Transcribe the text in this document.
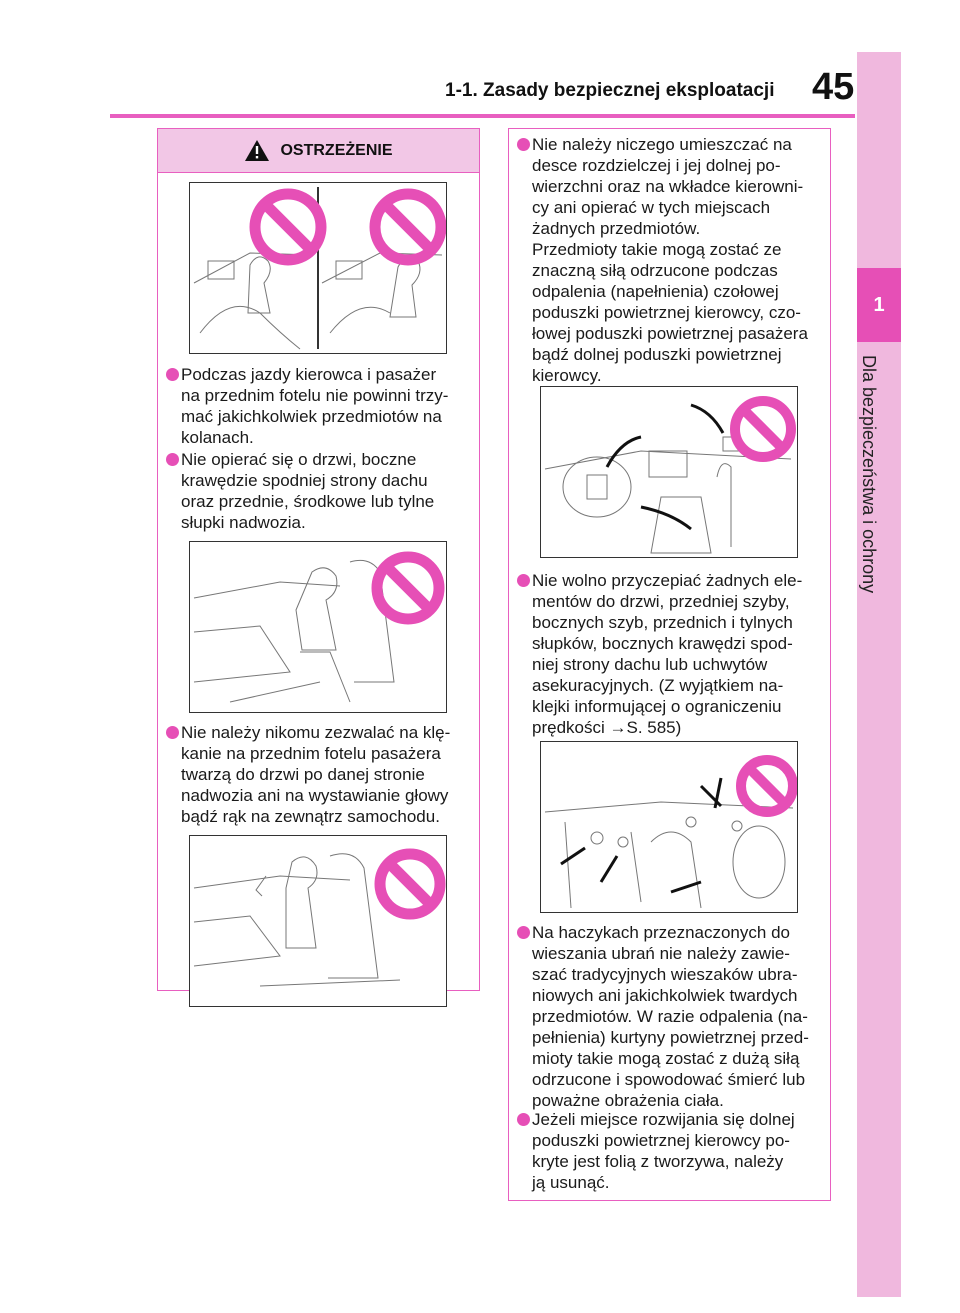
1-1. Zasady bezpiecznej eksploatacji 45
1
Dla bezpieczeństwa i ochrony
OSTRZEŻENIE
Podczas jazdy kierowca i pasażer
na przednim fotelu nie powinni trzy-
mać jakichkolwiek przedmiotów na
kolanach.
Nie opierać się o drzwi, boczne
krawędzie spodniej strony dachu
oraz przednie, środkowe lub tylne
słupki nadwozia.
Nie należy nikomu zezwalać na klę-
kanie na przednim fotelu pasażera
twarzą do drzwi po danej stronie
nadwozia ani na wystawianie głowy
bądź rąk na zewnątrz samochodu.
Nie należy niczego umieszczać na
desce rozdzielczej i jej dolnej po-
wierzchni oraz na wkładce kierowni-
cy ani opierać w tych miejscach
żadnych przedmiotów.
Przedmioty takie mogą zostać ze
znaczną siłą odrzucone podczas
odpalenia (napełnienia) czołowej
poduszki powietrznej kierowcy, czo-
łowej poduszki powietrznej pasażera
bądź dolnej poduszki powietrznej
kierowcy.
Nie wolno przyczepiać żadnych ele-
mentów do drzwi, przedniej szyby,
bocznych szyb, przednich i tylnych
słupków, bocznych krawędzi spod-
niej strony dachu lub uchwytów
asekuracyjnych. (Z wyjątkiem na-
klejki informującej o ograniczeniu
prędkości →S. 585)
Na haczykach przeznaczonych do
wieszania ubrań nie należy zawie-
szać tradycyjnych wieszaków ubra-
niowych ani jakichkolwiek twardych
przedmiotów. W razie odpalenia (na-
pełnienia) kurtyny powietrznej przed-
mioty takie mogą zostać z dużą siłą
odrzucone i spowodować śmierć lub
poważne obrażenia ciała.
Jeżeli miejsce rozwijania się dolnej
poduszki powietrznej kierowcy po-
kryte jest folią z tworzywa, należy
ją usunąć.
